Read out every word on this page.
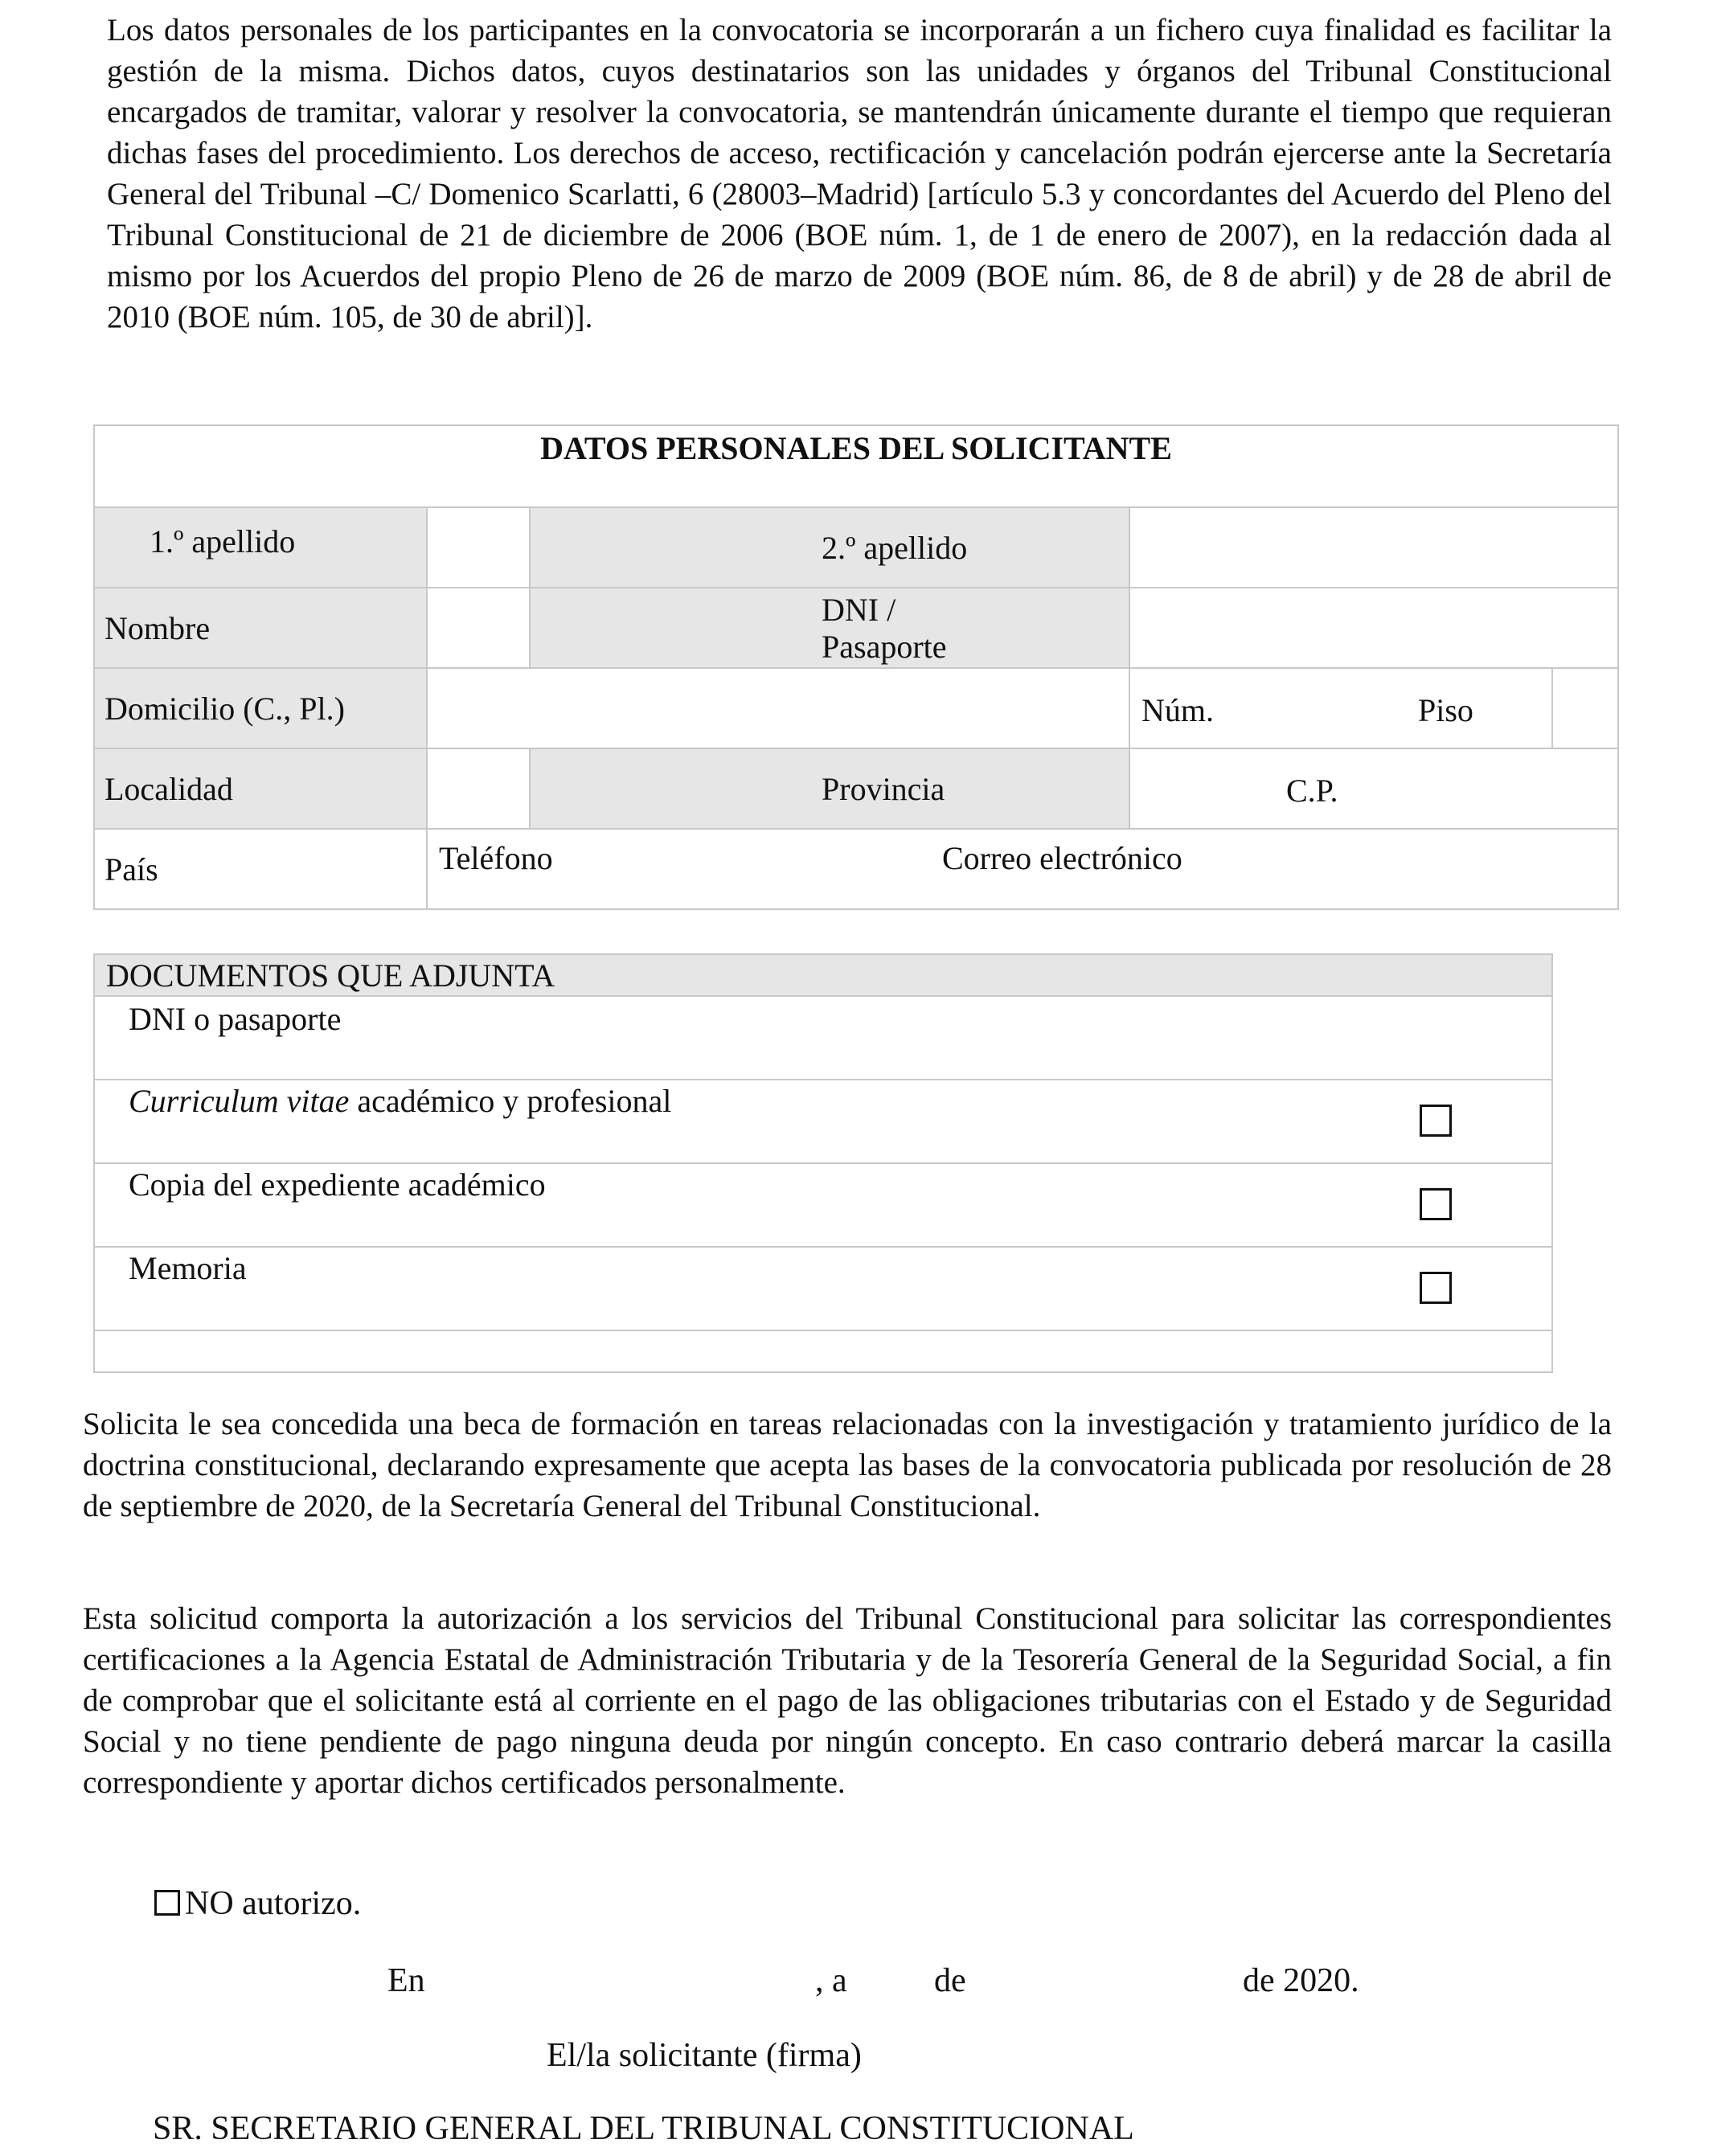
Los datos personales de los participantes en la convocatoria se incorporarán a un fichero cuya finalidad es facilitar la gestión de la misma. Dichos datos, cuyos destinatarios son las unidades y órganos del Tribunal Constitucional encargados de tramitar, valorar y resolver la convocatoria, se mantendrán únicamente durante el tiempo que requieran dichas fases del procedimiento. Los derechos de acceso, rectificación y cancelación podrán ejercerse ante la Secretaría General del Tribunal –C/ Domenico Scarlatti, 6 (28003–Madrid) [artículo 5.3 y concordantes del Acuerdo del Pleno del Tribunal Constitucional de 21 de diciembre de 2006 (BOE núm. 1, de 1 de enero de 2007), en la redacción dada al mismo por los Acuerdos del propio Pleno de 26 de marzo de 2009 (BOE núm. 86, de 8 de abril) y de 28 de abril de 2010 (BOE núm. 105, de 30 de abril)].

DATOS PERSONALES DEL SOLICITANTE				
1.º apellido		2.º apellido		
Nombre		DNI /
Pasaporte		

Domicilio (C., Pl.)			Núm. Piso	

Localidad		Provincia	C.P.	

País	Teléfono Correo electrónico			
DOCUMENTOS QUE ADJUNTA
DNI o pasaporte
Curriculum vitae académico y profesional

Copia del expediente académico

Memoria

Solicita le sea concedida una beca de formación en tareas relacionadas con la investigación y tratamiento jurídico de la doctrina constitucional, declarando expresamente que acepta las bases de la convocatoria publicada por resolución de 28 de septiembre de 2020, de la Secretaría General del Tribunal Constitucional.

Esta solicitud comporta la autorización a los servicios del Tribunal Constitucional para solicitar las correspondientes certificaciones a la Agencia Estatal de Administración Tributaria y de la Tesorería General de la Seguridad Social, a fin de comprobar que el solicitante está al corriente en el pago de las obligaciones tributarias con el Estado y de Seguridad Social y no tiene pendiente de pago ninguna deuda por ningún concepto. En caso contrario deberá marcar la casilla correspondiente y aportar dichos certificados personalmente.

NO autorizo.
En	, a	de	de 2020.
El/la solicitante (firma)
SR. SECRETARIO GENERAL DEL TRIBUNAL CONSTITUCIONAL
